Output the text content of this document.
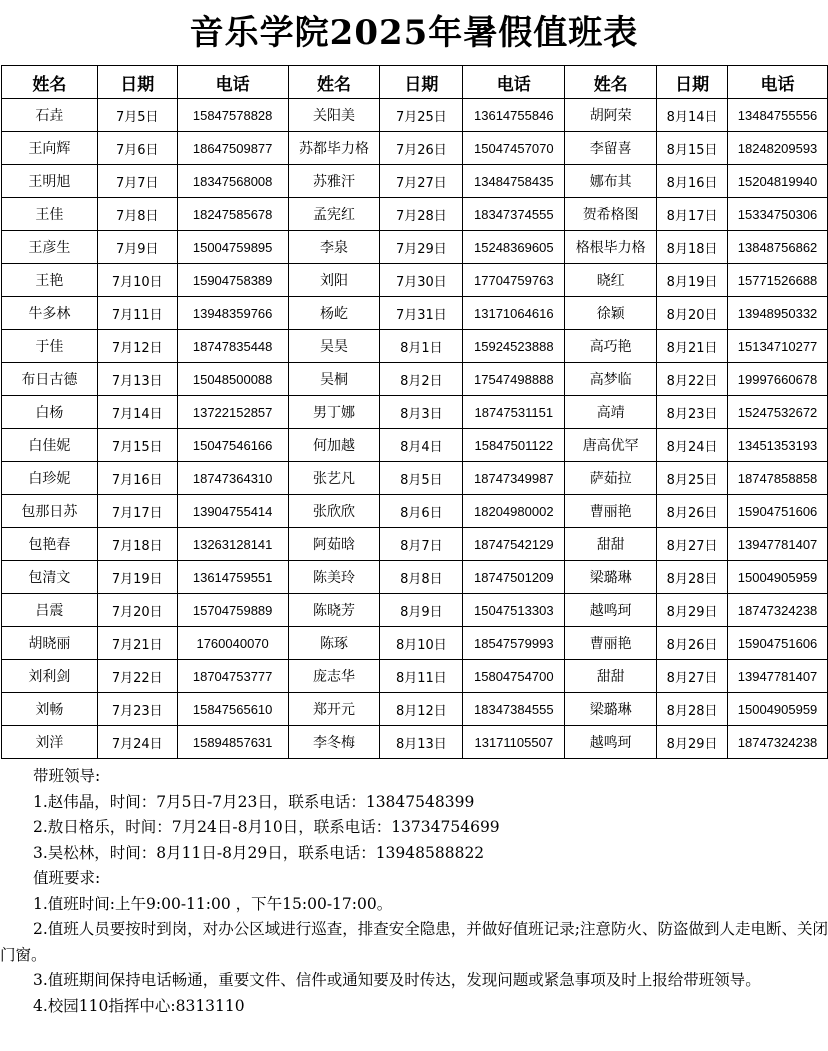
音乐学院2025年暑假值班表
姓名	日期	电话	姓名	日期	电话	姓名	日期	电话
石垚	7月5日	15847578828	关阳美	7月25日	13614755846	胡阿荣	8月14日	13484755556
王向辉	7月6日	18647509877	苏都毕力格	7月26日	15047457070	李留喜	8月15日	18248209593
王明旭	7月7日	18347568008	苏雅汗	7月27日	13484758435	娜布其	8月16日	15204819940
王佳	7月8日	18247585678	孟宪红	7月28日	18347374555	贺希格图	8月17日	15334750306
王彦生	7月9日	15004759895	李泉	7月29日	15248369605	格根毕力格	8月18日	13848756862
王艳	7月10日	15904758389	刘阳	7月30日	17704759763	晓红	8月19日	15771526688
牛多林	7月11日	13948359766	杨屹	7月31日	13171064616	徐颖	8月20日	13948950332
于佳	7月12日	18747835448	吴昊	8月1日	15924523888	高巧艳	8月21日	15134710277
布日古德	7月13日	15048500088	吴桐	8月2日	17547498888	高梦临	8月22日	19997660678
白杨	7月14日	13722152857	男丁娜	8月3日	18747531151	高靖	8月23日	15247532672
白佳妮	7月15日	15047546166	何加越	8月4日	15847501122	唐高优罕	8月24日	13451353193
白珍妮	7月16日	18747364310	张艺凡	8月5日	18747349987	萨茹拉	8月25日	18747858858
包那日苏	7月17日	13904755414	张欣欣	8月6日	18204980002	曹丽艳	8月26日	15904751606
包艳春	7月18日	13263128141	阿茹晗	8月7日	18747542129	甜甜	8月27日	13947781407
包清文	7月19日	13614759551	陈美玲	8月8日	18747501209	梁璐琳	8月28日	15004905959
吕震	7月20日	15704759889	陈晓芳	8月9日	15047513303	越鸣珂	8月29日	18747324238
胡晓丽	7月21日	1760040070	陈琢	8月10日	18547579993	曹丽艳	8月26日	15904751606
刘利剑	7月22日	18704753777	庞志华	8月11日	15804754700	甜甜	8月27日	13947781407
刘畅	7月23日	15847565610	郑开元	8月12日	18347384555	梁璐琳	8月28日	15004905959
刘洋	7月24日	15894857631	李冬梅	8月13日	13171105507	越鸣珂	8月29日	18747324238
带班领导:
1.赵伟晶，时间：7月5日-7月23日，联系电话：13847548399
2.敖日格乐，时间：7月24日-8月10日，联系电话：13734754699
3.吴松林，时间：8月11日-8月29日，联系电话：13948588822
值班要求:
1.值班时间:上午9:00-11:00 ，下午15:00-17:00。
2.值班人员要按时到岗，对办公区域进行巡查，排查安全隐患，并做好值班记录;注意防火、防盗做到人走电断、关闭门窗。
3.值班期间保持电话畅通，重要文件、信件或通知要及时传达，发现问题或紧急事项及时上报给带班领导。
4.校园110指挥中心:8313110
